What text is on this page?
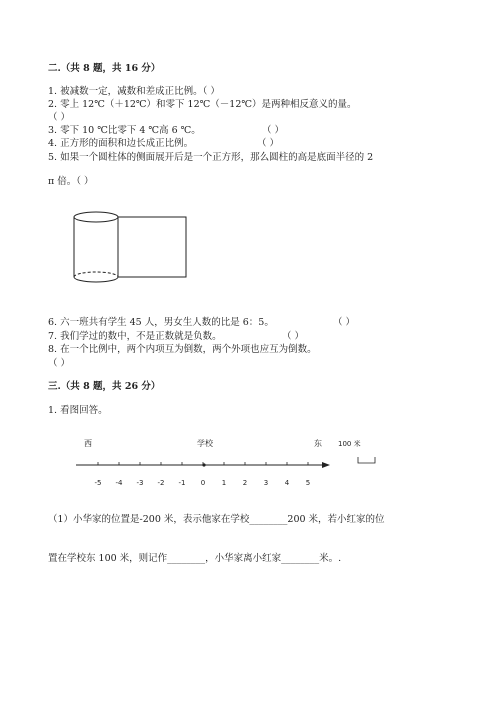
二.（共 8 题，共 16 分）
1. 被减数一定，减数和差成正比例。（ ）
2. 零上 12℃（＋12℃）和零下 12℃（－12℃）是两种相反意义的量。
（ ）
3. 零下 10 ℃比零下 4 ℃高 6 ℃。	（ ）
4. 正方形的面积和边长成正比例。	（ ）
5. 如果一个圆柱体的侧面展开后是一个正方形，那么圆柱的高是底面半径的 2
π 倍。（ ）
6. 六一班共有学生 45 人，男女生人数的比是 6：5。	（ ）
7. 我们学过的数中，不是正数就是负数。	（ ）
8. 在一个比例中，两个内项互为倒数，两个外项也应互为倒数。
（ ）
三.（共 8 题，共 26 分）
1. 看图回答。
西	学校	东 100 米
-5 -4 -3 -2 -1 0 1 2 3 4 5
（1）小华家的位置是-200 米，表示他家在学校________200 米，若小红家的位
置在学校东 100 米，则记作________，小华家离小红家________米。.
